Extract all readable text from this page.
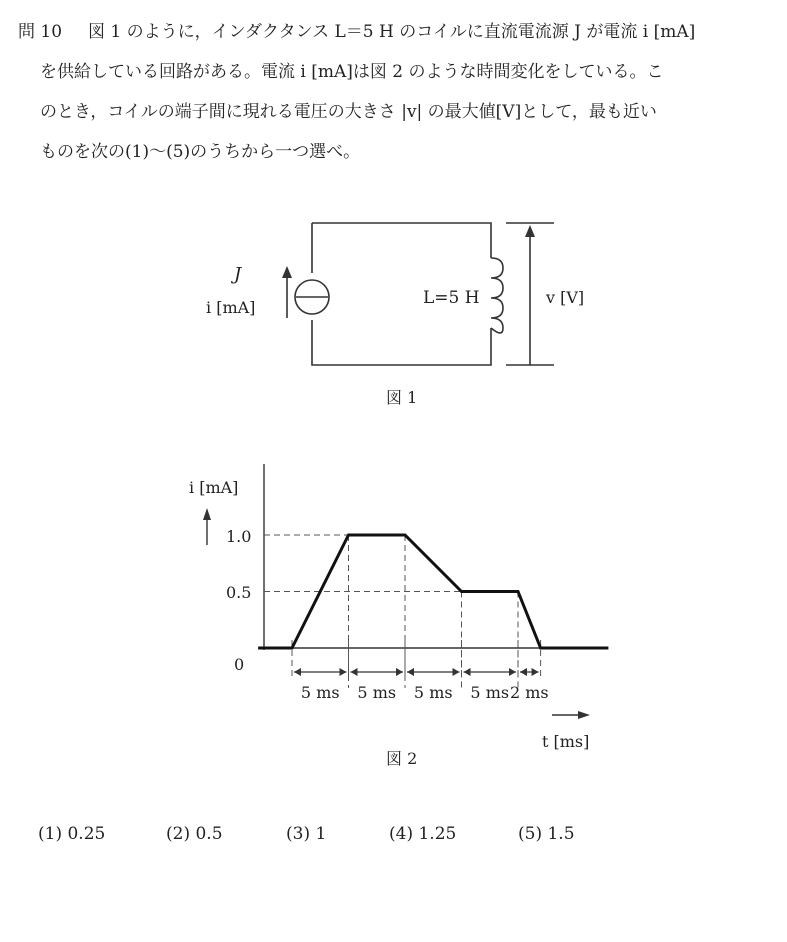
問 10 図 1 のように，インダクタンス L＝5 H のコイルに直流電流源 J が電流 i [mA]
を供給している回路がある。電流 i [mA]は図 2 のような時間変化をしている。こ
のとき，コイルの端子間に現れる電圧の大きさ |v| の最大値[V]として，最も近い
ものを次の(1)～(5)のうちから一つ選べ。
J
i [mA]	L=5 H	v [V]
図 1
i [mA]
1.0
0.5
0
t [ms]
図 2
5 ms 5 ms 5 ms 5 ms 2 ms
(1) 0.25	(2) 0.5	(3) 1	(4) 1.25	(5) 1.5
